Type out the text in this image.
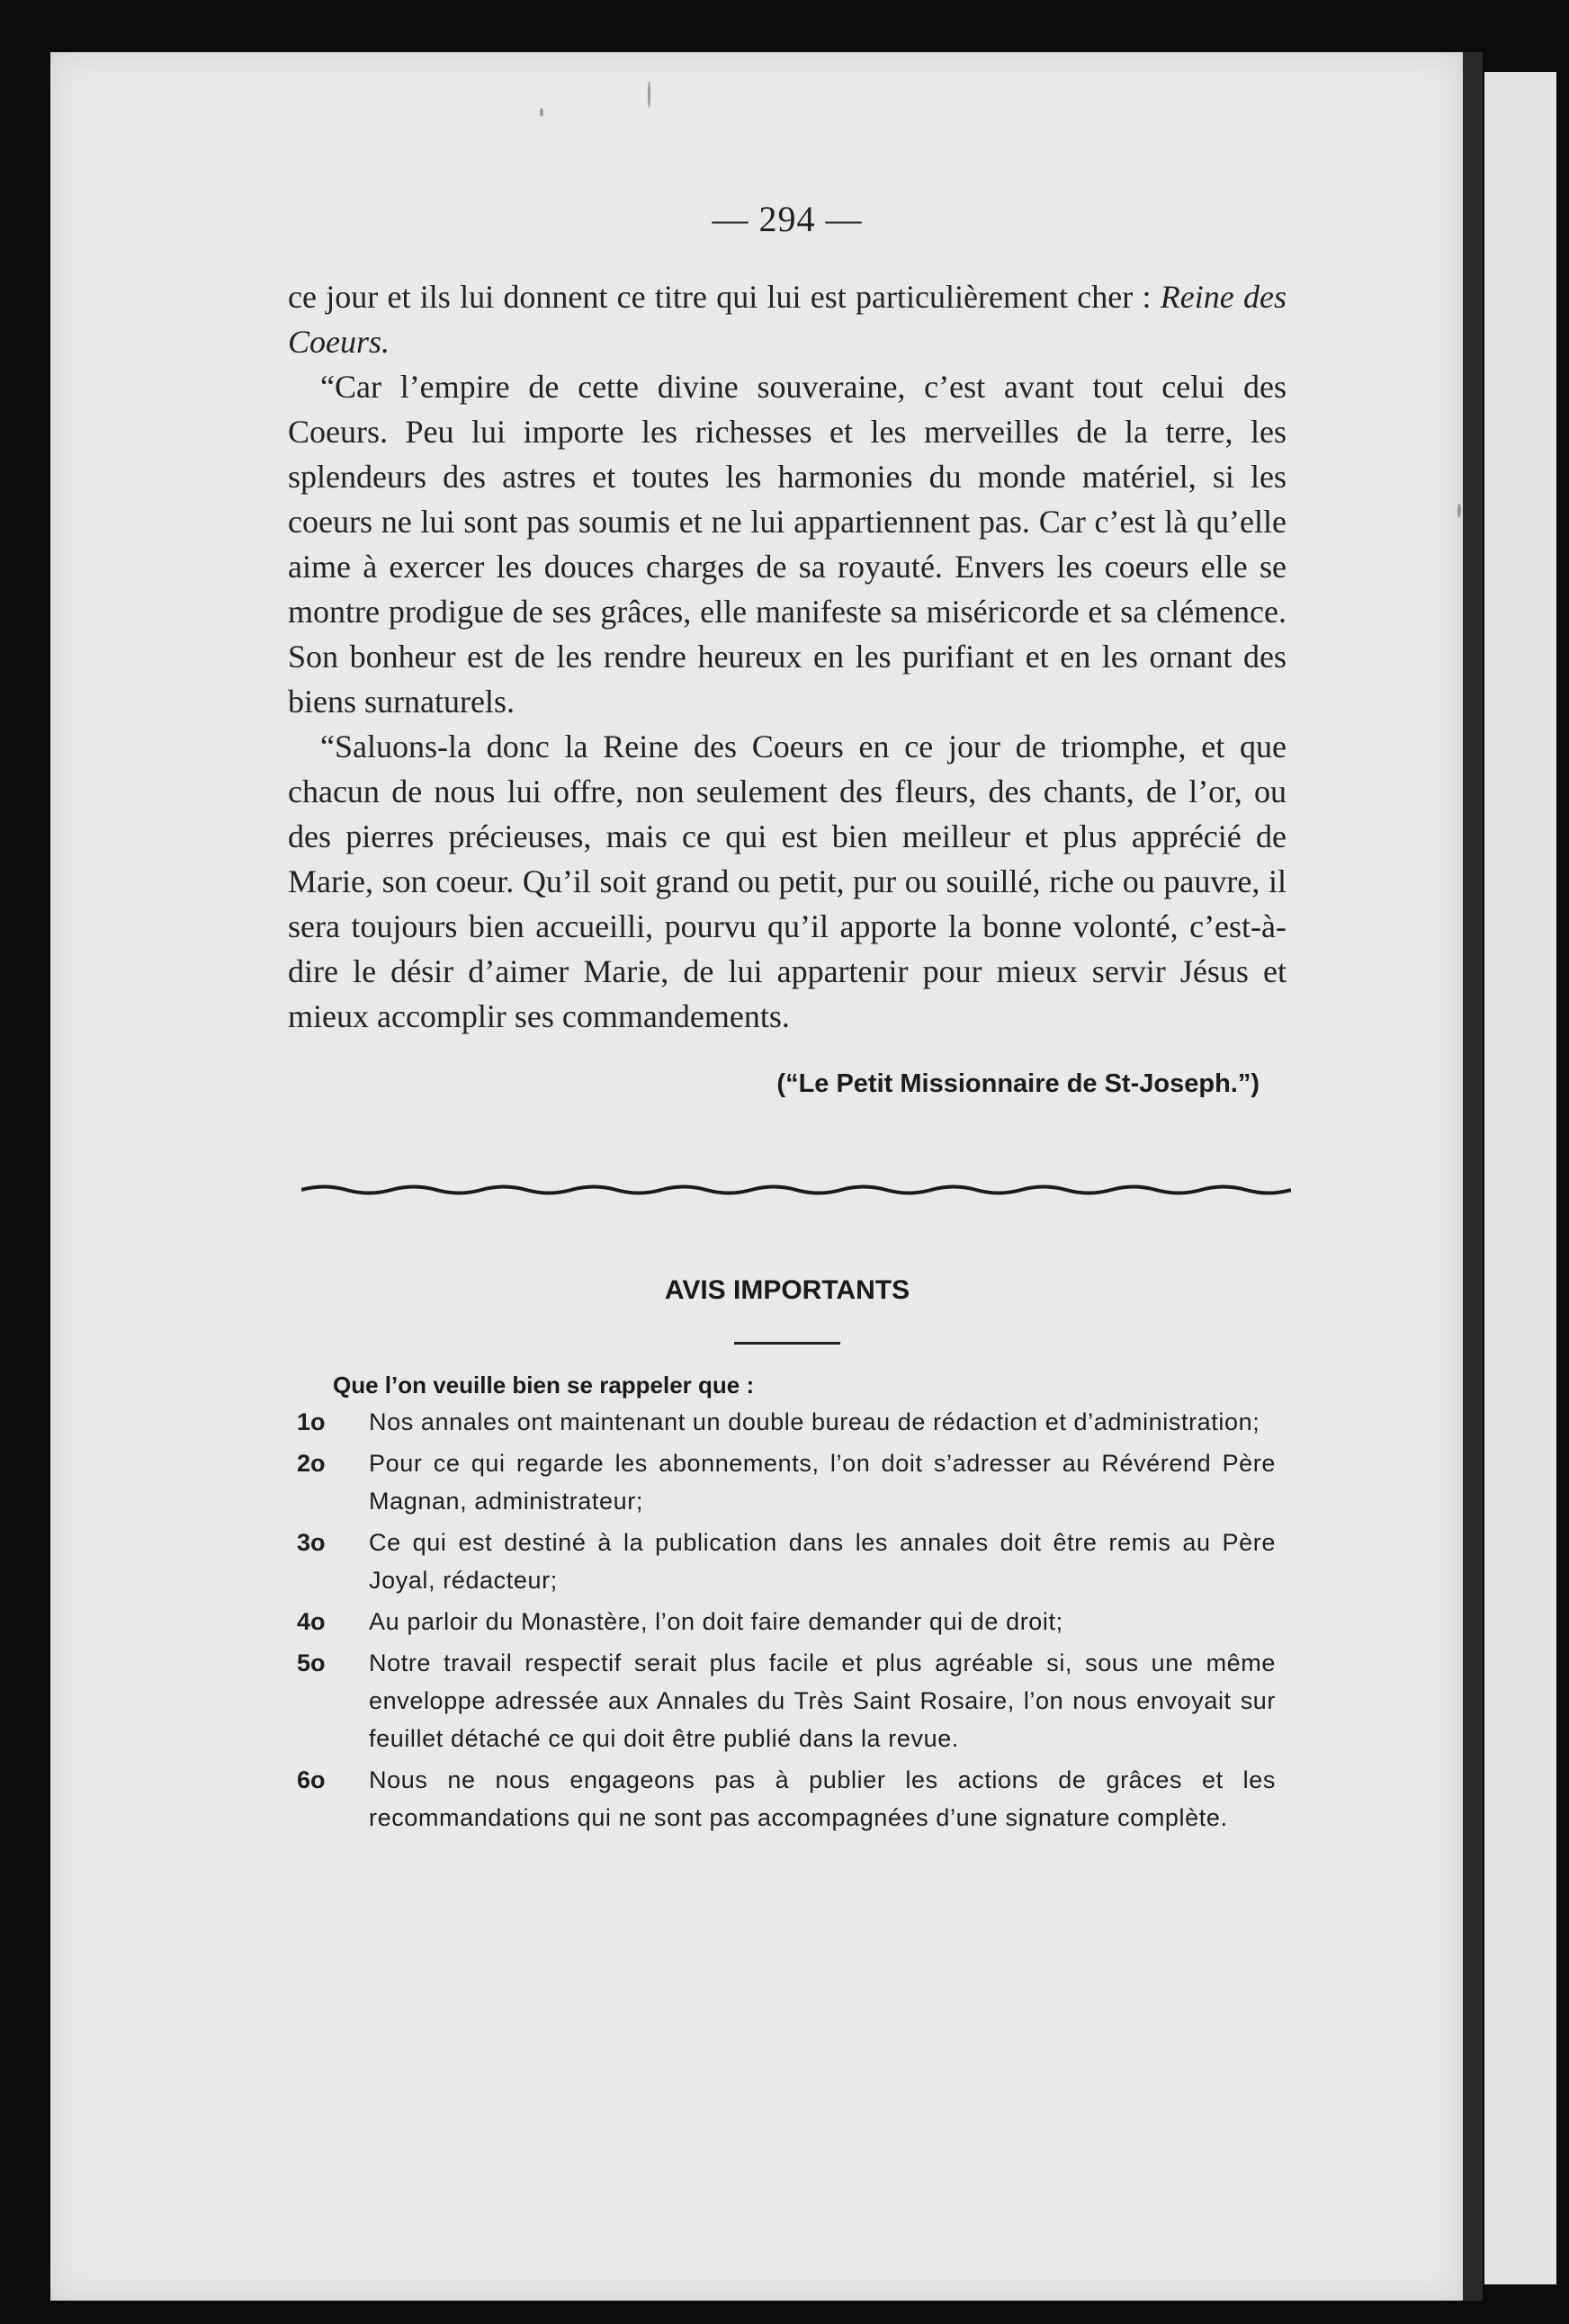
— 294 —

ce jour et ils lui donnent ce titre qui lui est particulièrement cher : Reine des Coeurs.

“Car l’empire de cette divine souveraine, c’est avant tout celui des Coeurs. Peu lui importe les richesses et les merveilles de la terre, les splendeurs des astres et toutes les harmonies du monde matériel, si les coeurs ne lui sont pas soumis et ne lui appartiennent pas. Car c’est là qu’elle aime à exercer les douces charges de sa royauté. Envers les coeurs elle se montre prodigue de ses grâces, elle manifeste sa miséricorde et sa clémence. Son bonheur est de les rendre heureux en les purifiant et en les ornant des biens surnaturels.

“Saluons-la donc la Reine des Coeurs en ce jour de triomphe, et que chacun de nous lui offre, non seulement des fleurs, des chants, de l’or, ou des pierres précieuses, mais ce qui est bien meilleur et plus apprécié de Marie, son coeur. Qu’il soit grand ou petit, pur ou souillé, riche ou pauvre, il sera toujours bien accueilli, pourvu qu’il apporte la bonne volonté, c’est-à-dire le désir d’aimer Marie, de lui appartenir pour mieux servir Jésus et mieux accomplir ses commandements.

(“Le Petit Missionnaire de St-Joseph.”)
AVIS IMPORTANTS
Que l’on veuille bien se rappeler que :
1o	Nos annales ont maintenant un double bureau de rédaction et d’administration;
2o	Pour ce qui regarde les abonnements, l’on doit s’adresser au Révérend Père Magnan, administrateur;
3o	Ce qui est destiné à la publication dans les annales doit être remis au Père Joyal, rédacteur;
4o	Au parloir du Monastère, l’on doit faire demander qui de droit;
5o	Notre travail respectif serait plus facile et plus agréable si, sous une même enveloppe adressée aux Annales du Très Saint Rosaire, l’on nous envoyait sur feuillet détaché ce qui doit être publié dans la revue.
6o	Nous ne nous engageons pas à publier les actions de grâces et les recommandations qui ne sont pas accompagnées d’une signature complète.
